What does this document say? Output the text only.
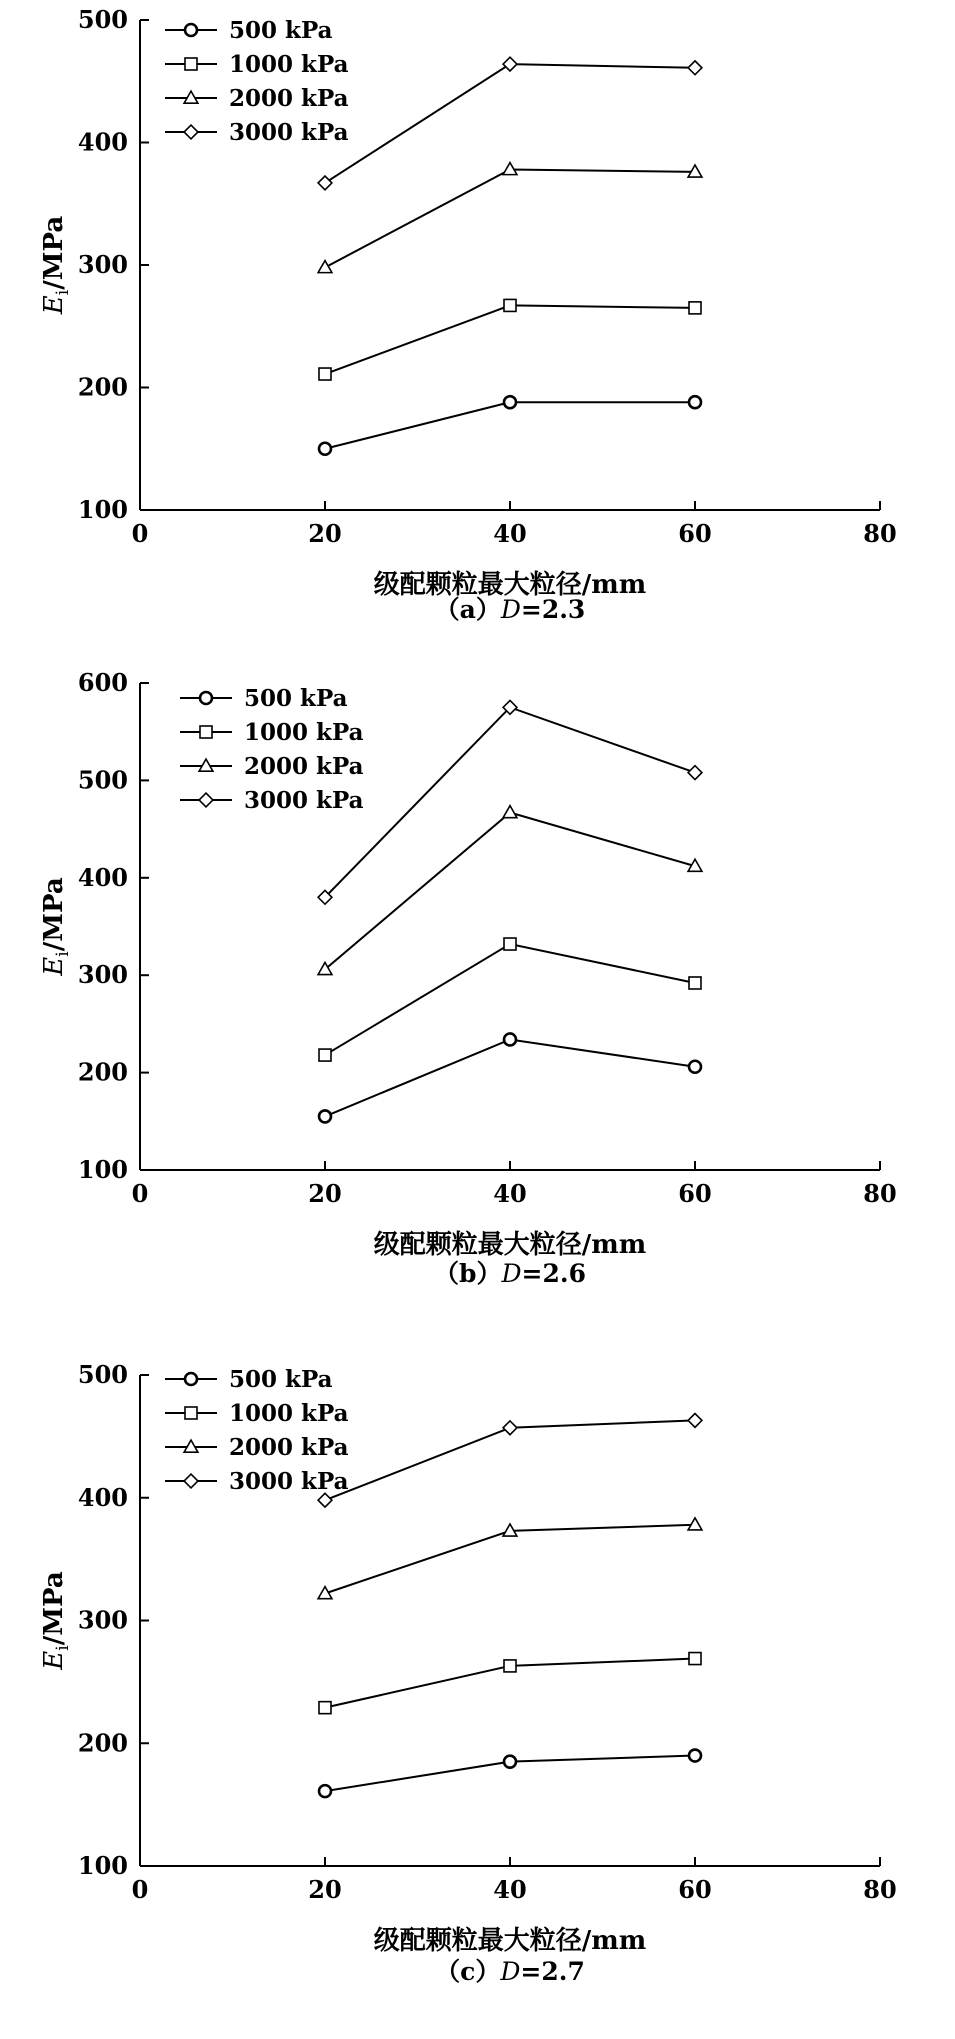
100
200
300
400
500
0	20	40	60	80
$E_i$/MPa
级配颗粒最大粒径/mm
（a）D=2.3
500 kPa
1000 kPa
2000 kPa
3000 kPa
100
200
300
400
500
600
0	20	40	60	80
$E_i$/MPa
级配颗粒最大粒径/mm
（b）D=2.6
500 kPa
1000 kPa
2000 kPa
3000 kPa
100
200
300
400
500
0	20	40	60	80
$E_i$/MPa
级配颗粒最大粒径/mm
（c）D=2.7
500 kPa
1000 kPa
2000 kPa
3000 kPa
